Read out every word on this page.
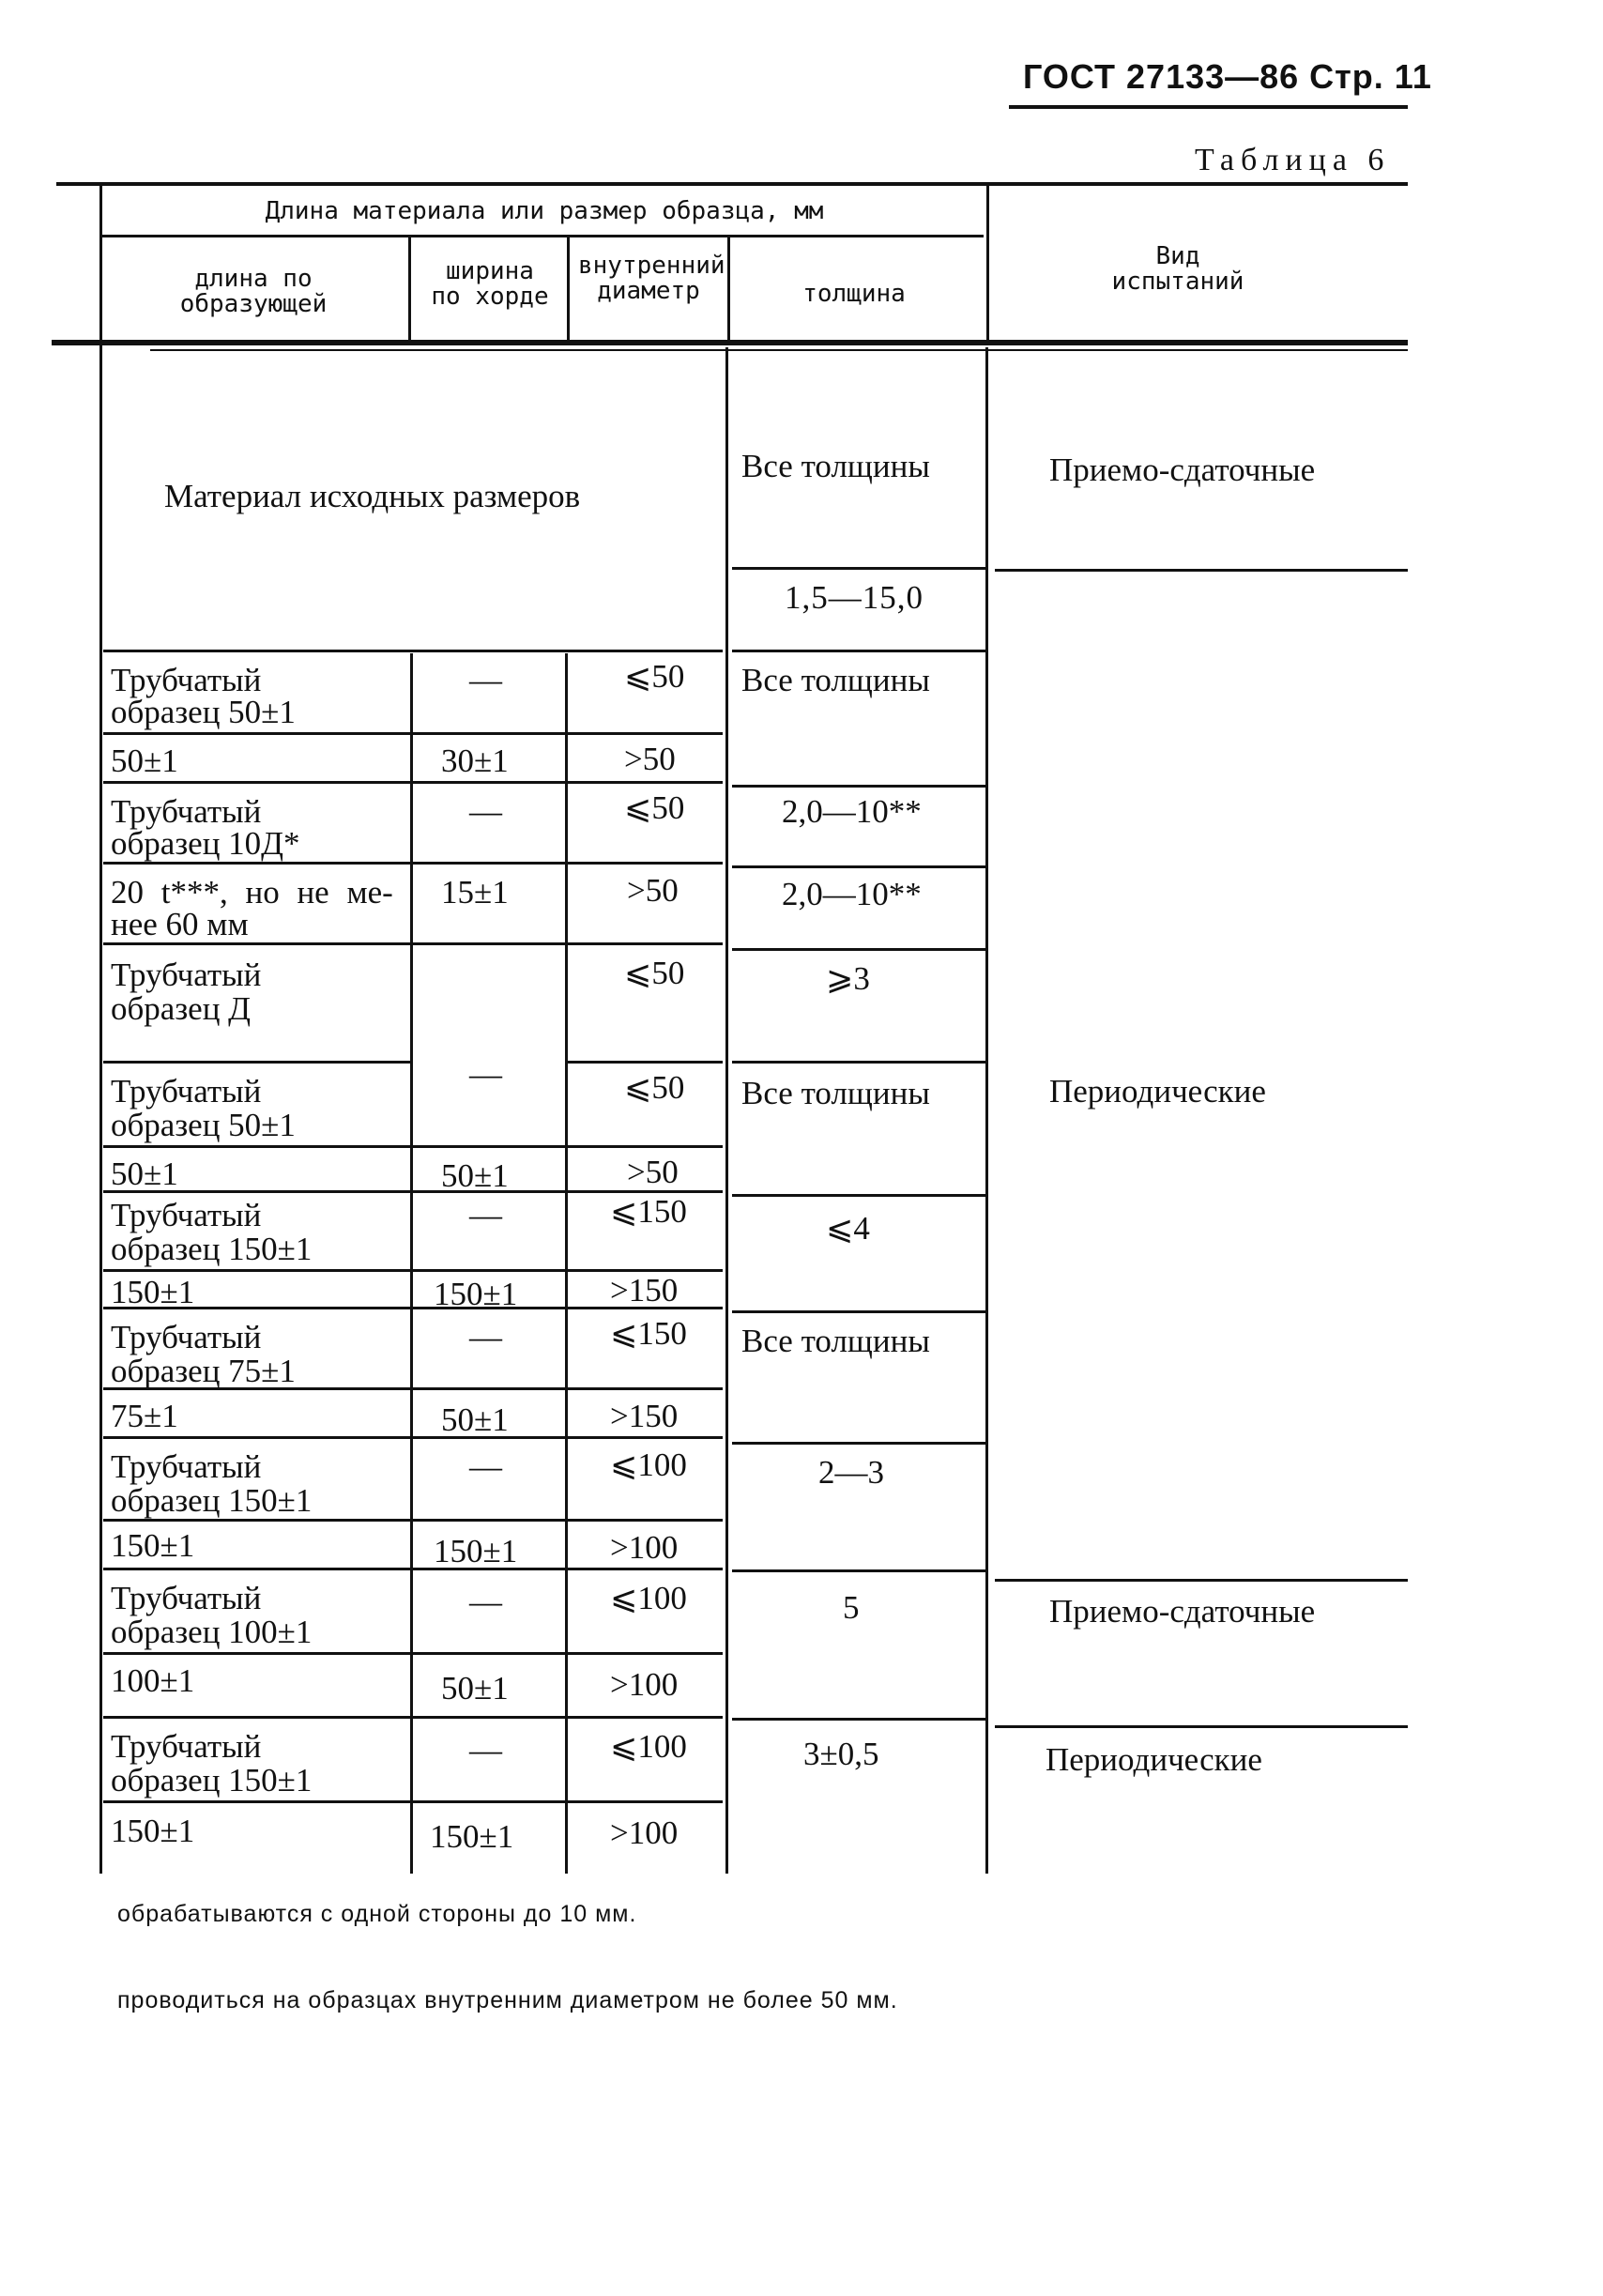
ГОСТ 27133—86 Стр. 11
Таблица 6
Длина материала или размер образца, мм
длина по образующей
ширина по хорде
внутренний диаметр	толщина
Вид испытаний
Материал исходных размеров
Все толщины
1,5—15,0
Приемо-сдаточные
Трубчатый
образец 50±1
50±1
Трубчатый
образец 10Д*
20 t***, но не ме-
нее 60 мм
Трубчатый
образец Д
Трубчатый
образец 50±1
50±1
Трубчатый
образец 150±1
150±1
Трубчатый
образец 75±1
75±1
Трубчатый
образец 150±1
150±1
Трубчатый
образец 100±1
100±1
Трубчатый
образец 150±1
150±1
—
30±1
—
15±1
—
50±1
—
150±1
—
50±1
—
150±1
—
50±1
—
150±1
⩽50
>50
⩽50
>50
⩽50
⩽50
>50
⩽150
>150
⩽150
>150
⩽100
>100
⩽100
>100
⩽100
>100
Все толщины
2,0—10**
2,0—10**
⩾3
Все толщины
⩽4
Все толщины
2—3
5
3±0,5
Периодические
Приемо-сдаточные
Периодические
обрабатываются с одной стороны до 10 мм.
проводиться на образцах внутренним диаметром не более 50 мм.
